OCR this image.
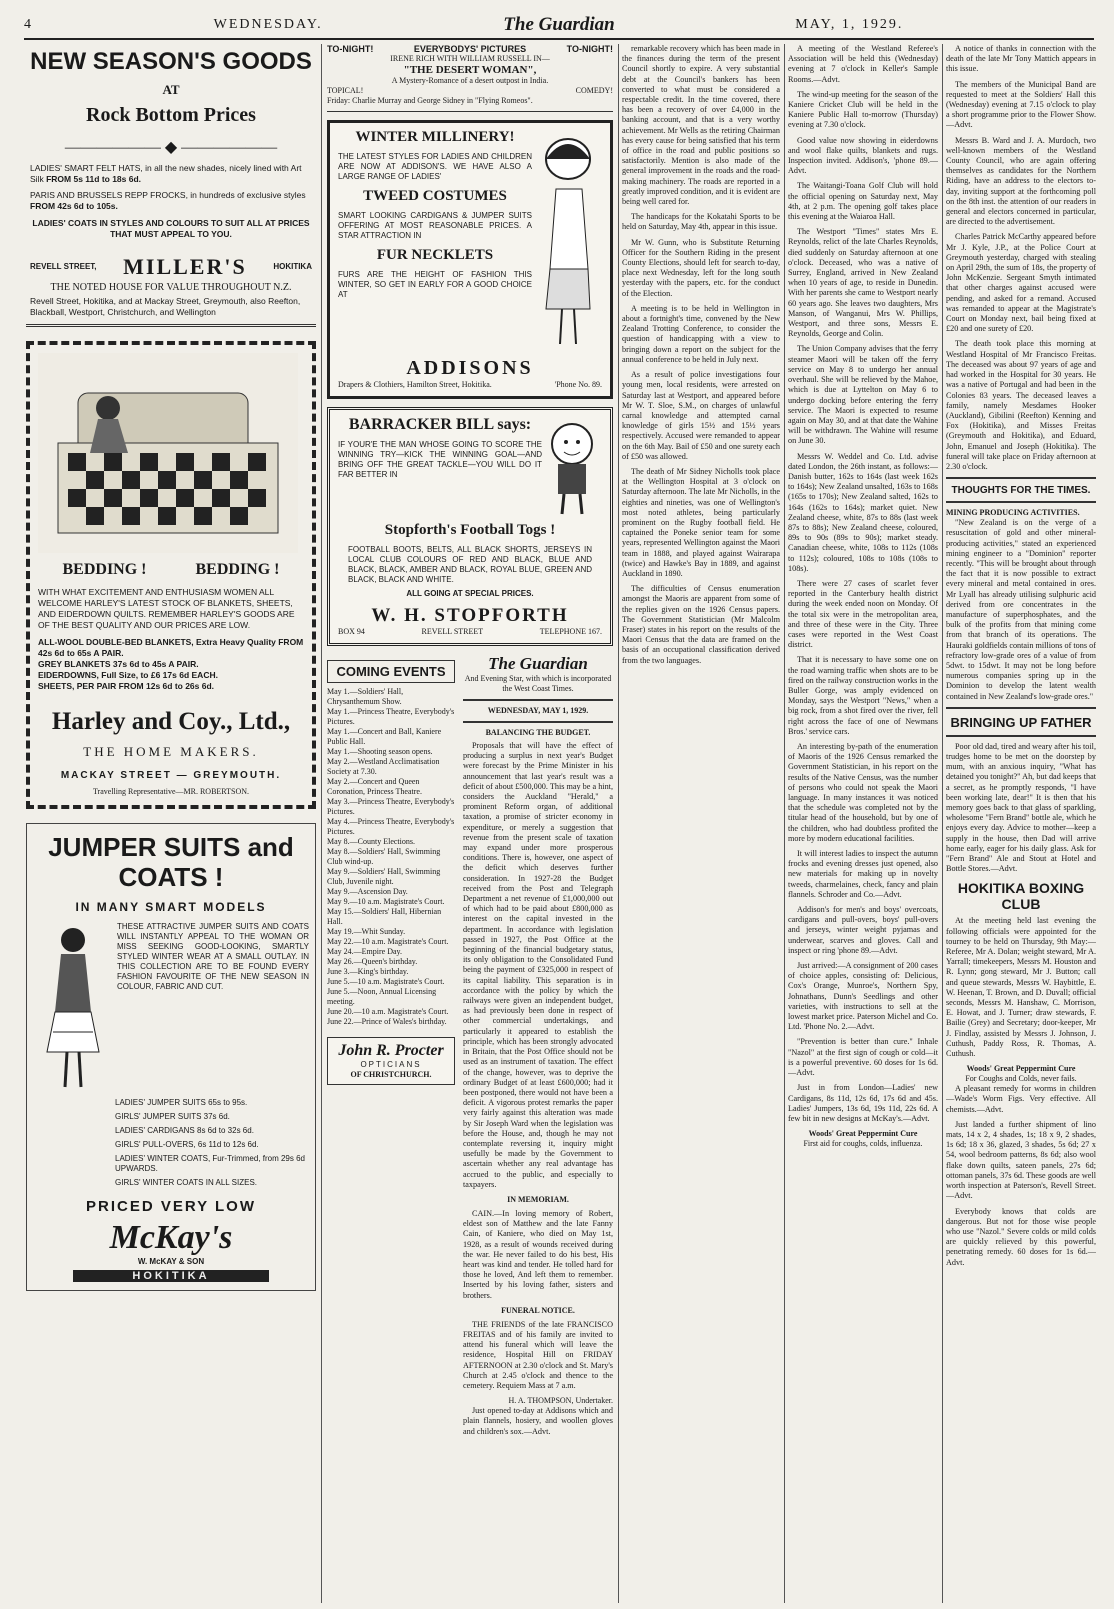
4	WEDNESDAY.	The Guardian	MAY, 1, 1929.
NEW SEASON'S GOODS
AT
Rock Bottom Prices
—————— ◆ ——————
LADIES' SMART FELT HATS, in all the new shades, nicely lined with Art Silk FROM 5s 11d to 18s 6d.
PARIS AND BRUSSELS REPP FROCKS, in hundreds of exclusive styles FROM 42s 6d to 105s.
LADIES' COATS IN STYLES AND COLOURS TO SUIT ALL AT PRICES THAT MUST APPEAL TO YOU.
REVELL STREET, MILLER'S	HOKITIKA
THE NOTED HOUSE FOR VALUE THROUGHOUT N.Z.
Revell Street, Hokitika, and at Mackay Street, Greymouth, also Reefton, Blackball, Westport, Christchurch, and Wellington
BEDDING !	BEDDING !
WITH WHAT EXCITEMENT AND ENTHUSIASM WOMEN ALL WELCOME HARLEY'S LATEST STOCK OF BLANKETS, SHEETS, AND EIDERDOWN QUILTS. REMEMBER HARLEY'S GOODS ARE OF THE BEST QUALITY AND OUR PRICES ARE LOW.
ALL-WOOL DOUBLE-BED BLANKETS, Extra Heavy Quality FROM 42s 6d to 65s A PAIR.
GREY BLANKETS 37s 6d to 45s A PAIR.
EIDERDOWNS, Full Size, to £6 17s 6d EACH.
SHEETS, PER PAIR FROM 12s 6d to 26s 6d.
Harley and Coy., Ltd.,
THE HOME MAKERS.
MACKAY STREET — GREYMOUTH.
Travelling Representative—MR. ROBERTSON.
JUMPER SUITS and
COATS !
IN MANY SMART MODELS
THESE ATTRACTIVE JUMPER SUITS AND COATS WILL INSTANTLY APPEAL TO THE WOMAN OR MISS SEEKING GOOD-LOOKING, SMARTLY STYLED WINTER WEAR AT A SMALL OUTLAY. IN THIS COLLECTION ARE TO BE FOUND EVERY FASHION FAVOURITE OF THE NEW SEASON IN COLOUR, FABRIC AND CUT.
LADIES' JUMPER SUITS 65s to 95s.
GIRLS' JUMPER SUITS 37s 6d.
LADIES' CARDIGANS 8s 6d to 32s 6d.
GIRLS' PULL-OVERS, 6s 11d to 12s 6d.
LADIES' WINTER COATS, Fur-Trimmed, from 29s 6d UPWARDS.
GIRLS' WINTER COATS IN ALL SIZES.
PRICED VERY LOW
McKay's
W. McKAY & SON
HOKITIKA
TO-NIGHT!	EVERYBODYS' PICTURES	TO-NIGHT!
IRENE RICH WITH WILLIAM RUSSELL IN—
"THE DESERT WOMAN",
A Mystery-Romance of a desert outpost in India.
TOPICAL!	COMEDY!
Friday: Charlie Murray and George Sidney in "Flying Romeos".
WINTER MILLINERY!
THE LATEST STYLES FOR LADIES AND CHILDREN ARE NOW AT ADDISON'S. WE HAVE ALSO A LARGE RANGE OF LADIES'
TWEED COSTUMES
SMART LOOKING CARDIGANS & JUMPER SUITS OFFERING AT MOST REASONABLE PRICES. A STAR ATTRACTION IN
FUR NECKLETS
FURS ARE THE HEIGHT OF FASHION THIS WINTER, SO GET IN EARLY FOR A GOOD CHOICE AT
ADDISONS
Drapers & Clothiers, Hamilton Street, Hokitika.	'Phone No. 89.
BARRACKER BILL says:
IF YOUR'E THE MAN WHOSE GOING TO SCORE THE WINNING TRY—KICK THE WINNING GOAL—AND BRING OFF THE GREAT TACKLE—YOU WILL DO IT FAR BETTER IN
Stopforth's Football Togs !
FOOTBALL BOOTS, BELTS, ALL BLACK SHORTS, JERSEYS IN LOCAL CLUB COLOURS OF RED AND BLACK, BLUE AND BLACK, BLACK, AMBER AND BLACK, ROYAL BLUE, GREEN AND BLACK, BLACK AND WHITE.
ALL GOING AT SPECIAL PRICES.
W. H. STOPFORTH
BOX 94	REVELL STREET	TELEPHONE 167.
COMING EVENTS
May 1.—Soldiers' Hall, Chrysanthemum Show.
May 1.—Princess Theatre, Everybody's Pictures.
May 1.—Concert and Ball, Kaniere Public Hall.
May 1.—Shooting season opens.
May 2.—Westland Acclimatisation Society at 7.30.
May 2.—Concert and Queen Coronation, Princess Theatre.
May 3.—Princess Theatre, Everybody's Pictures.
May 4.—Princess Theatre, Everybody's Pictures.
May 8.—County Elections.
May 8.—Soldiers' Hall, Swimming Club wind-up.
May 9.—Soldiers' Hall, Swimming Club, Juvenile night.
May 9.—Ascension Day.
May 9.—10 a.m. Magistrate's Court.
May 15.—Soldiers' Hall, Hibernian Hall.
May 19.—Whit Sunday.
May 22.—10 a.m. Magistrate's Court.
May 24.—Empire Day.
May 26.—Queen's birthday.
June 3.—King's birthday.
June 5.—10 a.m. Magistrate's Court.
June 5.—Noon, Annual Licensing meeting.
June 20.—10 a.m. Magistrate's Court.
June 22.—Prince of Wales's birthday.
John R. Procter
OPTICIANS
OF CHRISTCHURCH.
The Guardian
And Evening Star, with which is incorporated the West Coast Times.
WEDNESDAY, MAY 1, 1929.
BALANCING THE BUDGET.

Proposals that will have the effect of producing a surplus in next year's Budget were forecast by the Prime Minister in his announcement that last year's result was a deficit of about £500,000. This may be a hint, considers the Auckland "Herald," a prominent Reform organ, of additional taxation, a promise of stricter economy in expenditure, or merely a suggestion that revenue from the present scale of taxation may expand under more prosperous conditions. There is, however, one aspect of the deficit which deserves further consideration. In 1927-28 the Budget received from the Post and Telegraph Department a net revenue of £1,000,000 out of which had to be paid about £800,000 as interest on the capital invested in the department. In accordance with legislation passed in 1927, the Post Office at the beginning of the financial budgetary status, its only obligation to the Consolidated Fund being the payment of £325,000 in respect of its capital liability. This separation is in accordance with the policy by which the railways were given an independent budget, as had previously been done in respect of other commercial undertakings, and particularly it appeared to establish the principle, which has been strongly advocated in Britain, that the Post Office should not be used as an instrument of taxation. The effect of the change, however, was to deprive the ordinary Budget of at least £600,000; had it been postponed, there would not have been a deficit. A vigorous protest remarks the paper very fairly against this alteration was made by Sir Joseph Ward when the legislation was before the House, and, though he may not contemplate reversing it, inquiry might usefully be made by the Government to ascertain whether any real advantage has accrued to the public, and especially to taxpayers.

IN MEMORIAM.

CAIN.—In loving memory of Robert, eldest son of Matthew and the late Fanny Cain, of Kaniere, who died on May 1st, 1928, as a result of wounds received during the war. He never failed to do his best, His heart was kind and tender. He tolled hard for those he loved, And left them to remember. Inserted by his loving father, sisters and brothers.

FUNERAL NOTICE.

THE FRIENDS of the late FRANCISCO FREITAS and of his family are invited to attend his funeral which will leave the residence, Hospital Hill on FRIDAY AFTERNOON at 2.30 o'clock and St. Mary's Church at 2.45 o'clock and thence to the cemetery. Requiem Mass at 7 a.m.

H. A. THOMPSON, Undertaker.

Just opened to-day at Addisons which and plain flannels, hosiery, and woollen gloves and children's sox.—Advt.

remarkable recovery which has been made in the finances during the term of the present Council shortly to expire. A very substantial debt at the Council's bankers has been converted to what must be considered a respectable credit. In the time covered, there has been a recovery of over £4,000 in the banking account, and that is a very worthy achievement. Mr Wells as the retiring Chairman has every cause for being satisfied that his term of office in the road and public positions so satisfactorily. Mention is also made of the general improvement in the roads and the road-making machinery. The roads are reported in a greatly improved condition, and it is evident are being well cared for.

The handicaps for the Kokatahi Sports to be held on Saturday, May 4th, appear in this issue.

Mr W. Gunn, who is Substitute Returning Officer for the Southern Riding in the present County Elections, should left for search to-day, place next Wednesday, left for the long south yesterday with the papers, etc. for the conduct of the Election.

A meeting is to be held in Wellington in about a fortnight's time, convened by the New Zealand Trotting Conference, to consider the question of handicapping with a view to bringing down a report on the subject for the annual conference to be held in July next.

As a result of police investigations four young men, local residents, were arrested on Saturday last at Westport, and appeared before Mr W. T. Sloe, S.M., on charges of unlawful carnal knowledge and attempted carnal knowledge of girls 15½ and 15½ years respectively. Accused were remanded to appear on the 6th May. Bail of £50 and one surety each of £50 was allowed.

The death of Mr Sidney Nicholls took place at the Wellington Hospital at 3 o'clock on Saturday afternoon. The late Mr Nicholls, in the eighties and nineties, was one of Wellington's most noted athletes, being particularly prominent on the Rugby football field. He captained the Poneke senior team for some years, represented Wellington against the Maori team in 1888, and played against Wairarapa (twice) and Hawke's Bay in 1889, and against Auckland in 1890.

The difficulties of Census enumeration amongst the Maoris are apparent from some of the replies given on the 1926 Census papers. The Government Statistician (Mr Malcolm Fraser) states in his report on the results of the Maori Census that the data are framed on the basis of an occupational classification derived from the two languages.

A meeting of the Westland Referee's Association will be held this (Wednesday) evening at 7 o'clock in Keller's Sample Rooms.—Advt.

The wind-up meeting for the season of the Kaniere Cricket Club will be held in the Kaniere Public Hall to-morrow (Thursday) evening at 7.30 o'clock.

Good value now showing in eiderdowns and wool flake quilts, blankets and rugs. Inspection invited. Addison's, 'phone 89.—Advt.

The Waitangi-Toana Golf Club will hold the official opening on Saturday next, May 4th, at 2 p.m. The opening golf takes place this evening at the Waiaroa Hall.

The Westport "Times" states Mrs E. Reynolds, relict of the late Charles Reynolds, died suddenly on Saturday afternoon at one o'clock. Deceased, who was a native of Surrey, England, arrived in New Zealand when 10 years of age, to reside in Dunedin. With her parents she came to Westport nearly 60 years ago. She leaves two daughters, Mrs Manson, of Wanganui, Mrs W. Phillips, Westport, and three sons, Messrs E. Reynolds, George and Colin.

The Union Company advises that the ferry steamer Maori will be taken off the ferry service on May 8 to undergo her annual overhaul. She will be relieved by the Mahoe, which is due at Lyttelton on May 6 to undergo docking before entering the ferry service. The Maori is expected to resume again on May 30, and at that date the Wahine will be withdrawn. The Wahine will resume on June 30.

Messrs W. Weddel and Co. Ltd. advise dated London, the 26th instant, as follows:—Danish butter, 162s to 164s (last week 162s to 164s); New Zealand unsalted, 163s to 168s (165s to 170s); New Zealand salted, 162s to 164s (162s to 164s); market quiet. New Zealand cheese, white, 87s to 88s (last week 87s to 88s); New Zealand cheese, coloured, 89s to 90s (89s to 90s); market steady. Canadian cheese, white, 108s to 112s (108s to 112s); coloured, 108s to 108s (108s to 108s).

There were 27 cases of scarlet fever reported in the Canterbury health district during the week ended noon on Monday. Of the total six were in the metropolitan area, and three of these were in the City. Three cases were reported in the West Coast district.

That it is necessary to have some one on the road warning traffic when shots are to be fired on the railway construction works in the Buller Gorge, was amply evidenced on Monday, says the Westport "News," when a big rock, from a shot fired over the river, fell right across the face of one of Newmans Bros.' service cars.

An interesting by-path of the enumeration of Maoris of the 1926 Census remarked the Government Statistician, in his report on the results of the Native Census, was the number of persons who could not speak the Maori language. In many instances it was noticed that the schedule was completed not by the titular head of the household, but by one of the children, who had doubtless profited the more by modern educational facilities.

It will interest ladies to inspect the autumn frocks and evening dresses just opened, also new materials for making up in novelty tweeds, charmelaines, check, fancy and plain flannels. Schroder and Co.—Advt.

Addison's for men's and boys' overcoats, cardigans and pull-overs, boys' pull-overs and jerseys, winter weight pyjamas and underwear, scarves and gloves. Call and inspect or ring 'phone 89.—Advt.

Just arrived:—A consignment of 200 cases of choice apples, consisting of: Delicious, Cox's Orange, Munroe's, Northern Spy, Johnathans, Dunn's Seedlings and other varieties, with instructions to sell at the lowest market price. Paterson Michel and Co. Ltd. 'Phone No. 2.—Advt.

"Prevention is better than cure." Inhale "Nazol" at the first sign of cough or cold—it is a powerful preventive. 60 doses for 1s 6d.—Advt.

Just in from London—Ladies' new Cardigans, 8s 11d, 12s 6d, 17s 6d and 45s. Ladies' Jumpers, 13s 6d, 19s 11d, 22s 6d. A few bit in new designs at McKay's.—Advt.

Woods' Great Peppermint Cure
First aid for coughs, colds, influenza.

A notice of thanks in connection with the death of the late Mr Tony Mattich appears in this issue.

The members of the Municipal Band are requested to meet at the Soldiers' Hall this (Wednesday) evening at 7.15 o'clock to play a short programme prior to the Flower Show.—Advt.

Messrs B. Ward and J. A. Murdoch, two well-known members of the Westland County Council, who are again offering themselves as candidates for the Northern Riding, have an address to the electors to-day, inviting support at the forthcoming poll on the 8th inst. the attention of our readers in general and electors concerned in particular, are directed to the advertisement.

Charles Patrick McCarthy appeared before Mr J. Kyle, J.P., at the Police Court at Greymouth yesterday, charged with stealing on April 29th, the sum of 18s, the property of John McKenzie. Sergeant Smyth intimated that other charges against accused were pending, and asked for a remand. Accused was remanded to appear at the Magistrate's Court on Monday next, bail being fixed at £20 and one surety of £20.

The death took place this morning at Westland Hospital of Mr Francisco Freitas. The deceased was about 97 years of age and had worked in the Hospital for 30 years. He was a native of Portugal and had been in the Colonies 83 years. The deceased leaves a family, namely Mesdames Hooker (Auckland), Gibilini (Reefton) Kenning and Fox (Hokitika), and Misses Freitas (Greymouth and Hokitika), and Eduard, John, Emanuel and Joseph (Hokitika). The funeral will take place on Friday afternoon at 2.30 o'clock.

THOUGHTS FOR THE TIMES.
MINING PRODUCING ACTIVITIES.

"New Zealand is on the verge of a resuscitation of gold and other mineral-producing activities," stated an experienced mining engineer to a "Dominion" reporter recently. "This will be brought about through the fact that it is now possible to extract every mineral and metal contained in ores. Mr Lyall has already utilising sulphuric acid derived from ore concentrates in the manufacture of superphosphates, and the bulk of the profits from that mining come from that branch of its operations. The Hauraki goldfields contain millions of tons of refractory low-grade ores of a value of from 5dwt. to 15dwt. It may not be long before numerous companies spring up in the Dominion to develop the latent wealth contained in New Zealand's low-grade ores."

BRINGING UP FATHER

Poor old dad, tired and weary after his toil, trudges home to be met on the doorstep by mum, with an anxious inquiry, "What has detained you tonight?" Ah, but dad keeps that a secret, as he promptly responds, "I have been working late, dear!" It is then that his memory goes back to that glass of sparkling, wholesome "Fern Brand" bottle ale, which he enjoys every day. Advice to mother—keep a supply in the house, then Dad will arrive home early, eager for his daily glass. Ask for "Fern Brand" Ale and Stout at Hotel and Bottle Stores.—Advt.

HOKITIKA BOXING CLUB

At the meeting held last evening the following officials were appointed for the tourney to be held on Thursday, 9th May:—Referee, Mr A. Dolan; weight steward, Mr A. Yarrall; timekeepers, Messrs M. Houston and R. Lynn; gong steward, Mr J. Button; call and queue stewards, Messrs W. Haybittle, E. W. Heenan, T. Brown, and D. Duvall; official seconds, Messrs M. Hanshaw, C. Morrison, E. Howat, and J. Turner; draw stewards, F. Bailie (Grey) and Secretary; door-keeper, Mr J. Findlay, assisted by Messrs J. Johnson, J. Cuthush, Paddy Ross, R. Thomas, A. Cuthush.

Woods' Great Peppermint Cure
For Coughs and Colds, never fails.

A pleasant remedy for worms in children—Wade's Worm Figs. Very effective. All chemists.—Advt.

Just landed a further shipment of lino mats, 14 x 2, 4 shades, 1s; 18 x 9, 2 shades, 1s 6d; 18 x 36, glazed, 3 shades, 5s 6d; 27 x 54, wool bedroom patterns, 8s 6d; also wool flake down quilts, sateen panels, 27s 6d; ottoman panels, 37s 6d. These goods are well worth inspection at Paterson's, Revell Street.—Advt.

Everybody knows that colds are dangerous. But not for those wise people who use "Nazol." Severe colds or mild colds are quickly relieved by this powerful, penetrating remedy. 60 doses for 1s 6d.—Advt.
